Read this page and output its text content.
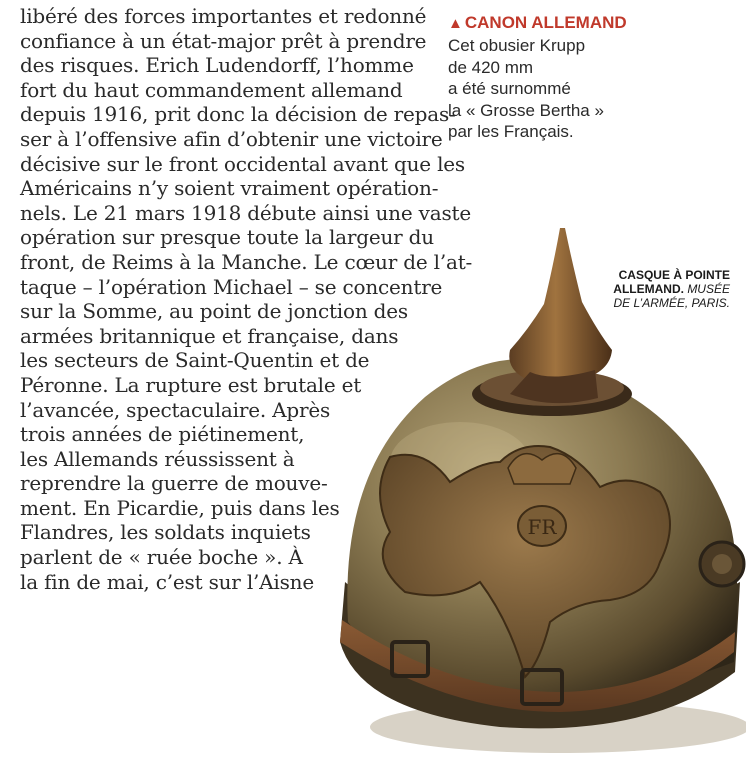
FR
libéré des forces importantes et redonné
confiance à un état-major prêt à prendre
des risques. Erich Ludendorff, l’homme
fort du haut commandement allemand
depuis 1916, prit donc la décision de repas-
ser à l’offensive afin d’obtenir une victoire
décisive sur le front occidental avant que les
Américains n’y soient vraiment opération-
nels. Le 21 mars 1918 débute ainsi une vaste
opération sur presque toute la largeur du
front, de Reims à la Manche. Le cœur de l’at-
taque – l’opération Michael – se concentre
sur la Somme, au point de jonction des
armées britannique et française, dans
les secteurs de Saint-Quentin et de
Péronne. La rupture est brutale et
l’avancée, spectaculaire. Après
trois années de piétinement,
les Allemands réussissent à
reprendre la guerre de mouve-
ment. En Picardie, puis dans les
Flandres, les soldats inquiets
parlent de « ruée boche ». À
la fin de mai, c’est sur l’Aisne
▲ CANON ALLEMAND
Cet obusier Krupp
de 420 mm
a été surnommé
la « Grosse Bertha »
par les Français.
CASQUE À POINTE
ALLEMAND. MUSÉE
DE L’ARMÉE, PARIS.
